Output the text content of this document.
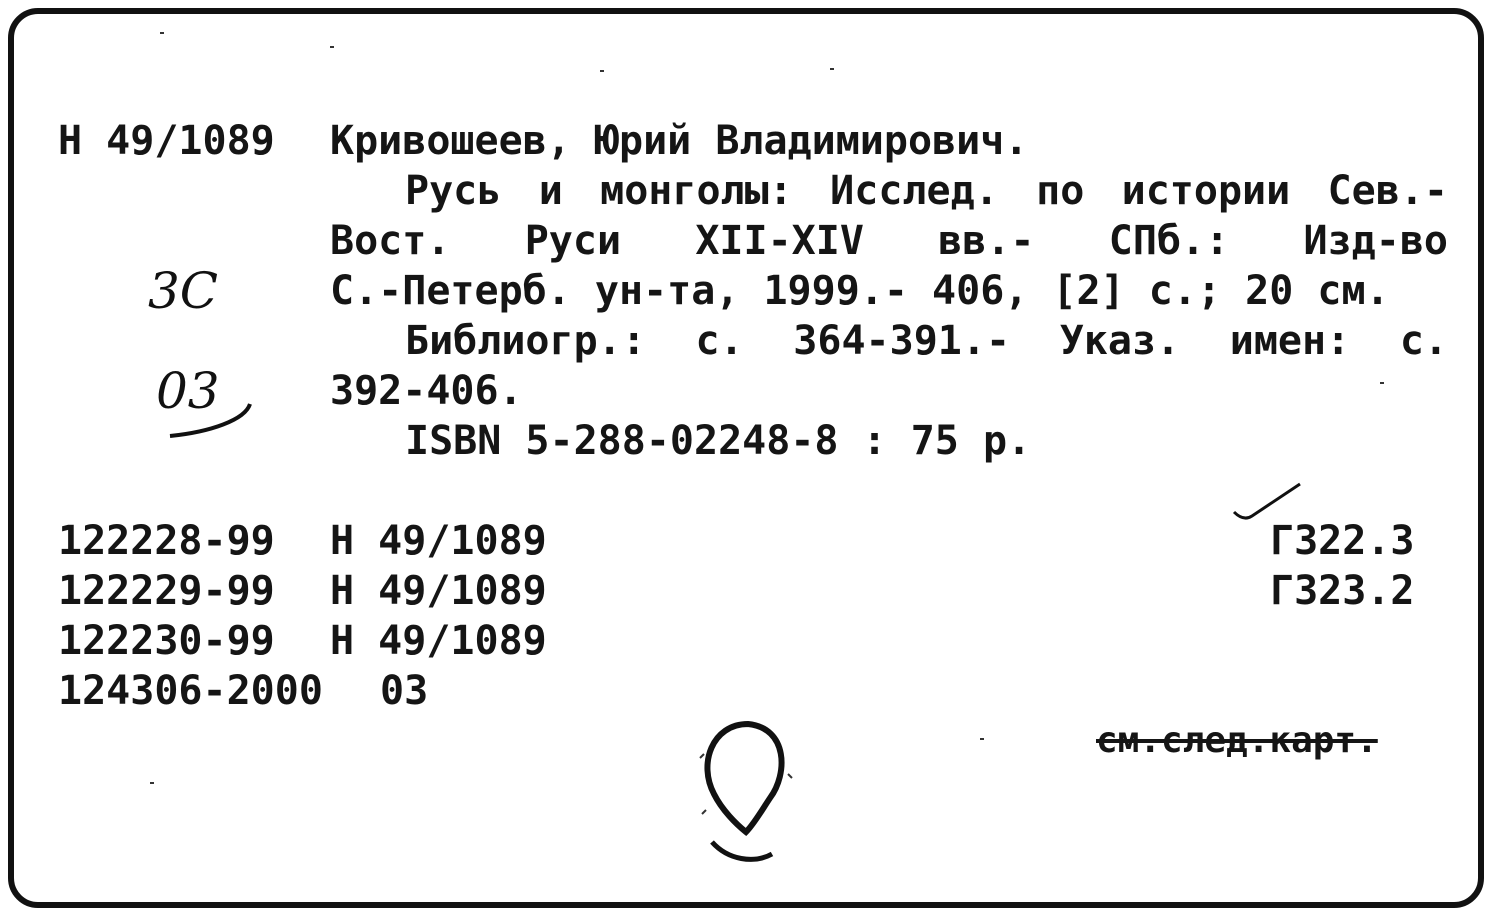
Н 49/1089 Кривошеев, Юрий Владимирович.
Русь и монголы: Исслед. по истории Сев.-
Вост. Руси XII-XIV вв.- СПб.: Изд-во
С.-Петерб. ун-та, 1999.- 406, [2] с.; 20 см.
Библиогр.: с. 364-391.- Указ. имен: с.
392-406.
ISBN 5-288-02248-8 : 75 р.
3С
03
122228-99 Н 49/1089
122229-99 Н 49/1089
122230-99 Н 49/1089
124306-2000 03
Г322.3
Г323.2
см.след.карт.
